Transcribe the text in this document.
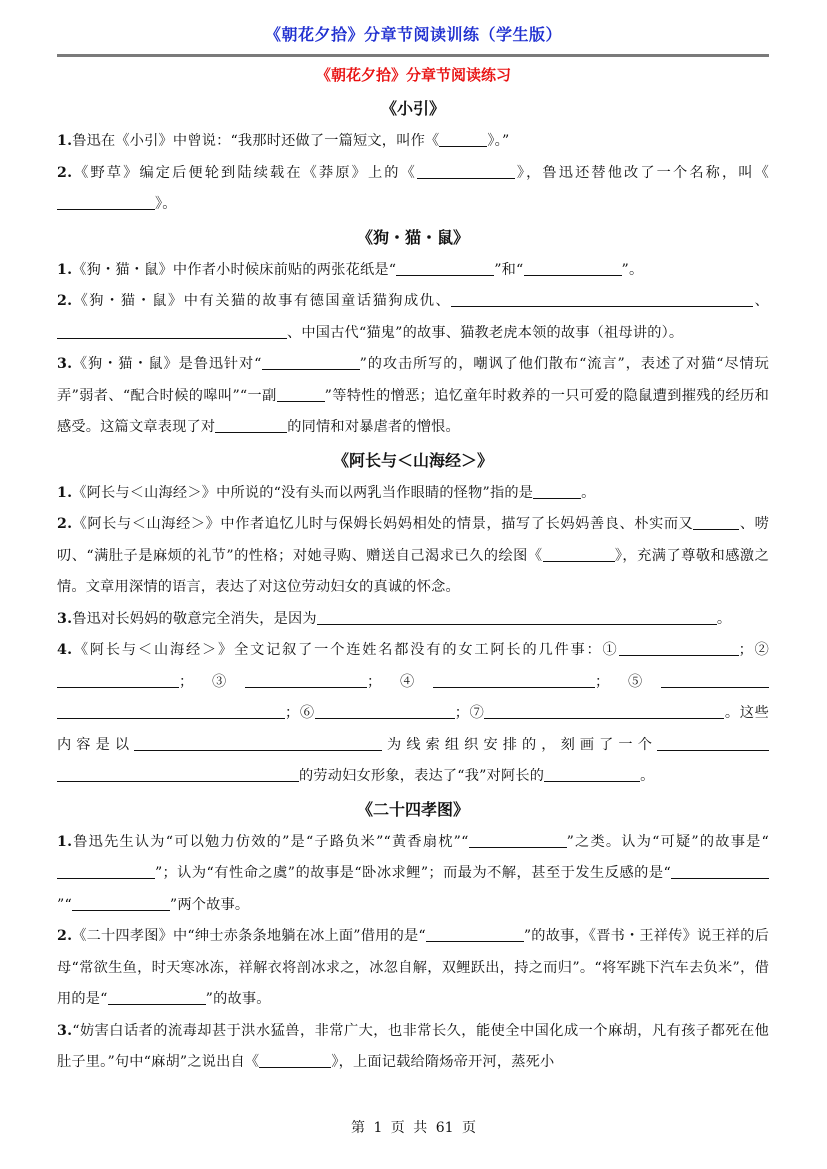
《朝花夕拾》分章节阅读训练（学生版）
《朝花夕拾》分章节阅读练习
《小引》
1.鲁迅在《小引》中曾说：“我那时还做了一篇短文，叫作《	》。”
2.《野草》编定后便轮到陆续载在《莽原》上的《	》，鲁迅还替他改了一个名称，叫《》。
《狗・猫・鼠》
1.《狗・猫・鼠》中作者小时候床前贴的两张花纸是“	”和“	”。
2.《狗・猫・鼠》中有关猫的故事有德国童话猫狗成仇、	、、中国古代“猫鬼”的故事、猫教老虎本领的故事（祖母讲的）。
3.《狗・猫・鼠》是鲁迅针对“	”的攻击所写的，嘲讽了他们散布“流言”，表述了对猫“尽情玩弄”弱者、“配合时候的嗥叫”“一副	”等特性的憎恶；追忆童年时救养的一只可爱的隐鼠遭到摧残的经历和感受。这篇文章表现了对	的同情和对暴虐者的憎恨。
《阿长与＜山海经＞》
1.《阿长与＜山海经＞》中所说的“没有头而以两乳当作眼睛的怪物”指的是	。
2.《阿长与＜山海经＞》中作者追忆儿时与保姆长妈妈相处的情景，描写了长妈妈善良、朴实而又	、唠叨、“满肚子是麻烦的礼节”的性格；对她寻购、赠送自己渴求已久的绘图《	》，充满了尊敬和感激之情。文章用深情的语言，表达了对这位劳动妇女的真诚的怀念。
3.鲁迅对长妈妈的敬意完全消失，是因为	。
4.《阿长与＜山海经＞》全文记叙了一个连姓名都没有的女工阿长的几件事：①	；②；③	；④	；⑤；⑥	；⑦	。这些内容是以	为线索组织安排的，刻画了一个的劳动妇女形象，表达了“我”对阿长的	。
《二十四孝图》
1.鲁迅先生认为“可以勉力仿效的”是“子路负米”“黄香扇枕”“	”之类。认为“可疑”的故事是“”；认为“有性命之虞”的故事是“卧冰求鲤”；而最为不解，甚至于发生反感的是“”“	”两个故事。
2.《二十四孝图》中“绅士赤条条地躺在冰上面”借用的是“	”的故事，《晋书・王祥传》说王祥的后母“常欲生鱼，时天寒冰冻，祥解衣将剖冰求之，冰忽自解，双鲤跃出，持之而归”。“将军跳下汽车去负米”，借用的是“	”的故事。
3.“妨害白话者的流毒却甚于洪水猛兽，非常广大，也非常长久，能使全中国化成一个麻胡，凡有孩子都死在他肚子里。”句中“麻胡”之说出自《	》，上面记载给隋炀帝开河，蒸死小
第 1 页 共 61 页
